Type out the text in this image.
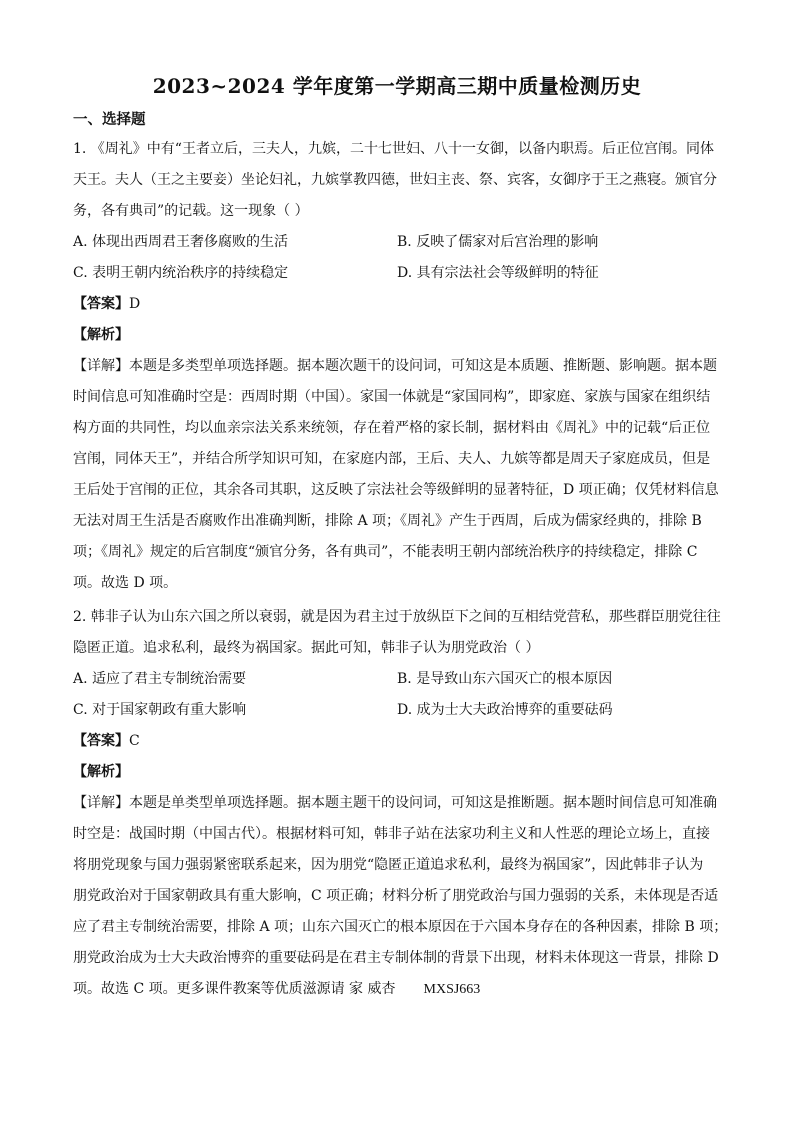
2023~2024 学年度第一学期高三期中质量检测历史
一、选择题
1. 《周礼》中有“王者立后，三夫人，九嫔，二十七世妇、八十一女御，以备内职焉。后正位宫闱。同体
天王。夫人（王之主要妾）坐论妇礼，九嫔掌教四德，世妇主丧、祭、宾客，女御序于王之燕寝。颁官分
务，各有典司”的记载。这一现象（ ）
A. 体现出西周君王奢侈腐败的生活	B. 反映了儒家对后宫治理的影响
C. 表明王朝内统治秩序的持续稳定	D. 具有宗法社会等级鲜明的特征
【答案】D
【解析】
【详解】本题是多类型单项选择题。据本题次题干的设问词，可知这是本质题、推断题、影响题。据本题
时间信息可知准确时空是：西周时期（中国）。家国一体就是“家国同构”，即家庭、家族与国家在组织结
构方面的共同性，均以血亲宗法关系来统领，存在着严格的家长制，据材料由《周礼》中的记载“后正位
宫闱，同体天王”，并结合所学知识可知，在家庭内部，王后、夫人、九嫔等都是周天子家庭成员，但是
王后处于宫闱的正位，其余各司其职，这反映了宗法社会等级鲜明的显著特征，D 项正确；仅凭材料信息
无法对周王生活是否腐败作出准确判断，排除 A 项；《周礼》产生于西周，后成为儒家经典的，排除 B
项；《周礼》规定的后宫制度“颁官分务，各有典司”，不能表明王朝内部统治秩序的持续稳定，排除 C
项。故选 D 项。
2. 韩非子认为山东六国之所以衰弱，就是因为君主过于放纵臣下之间的互相结党营私，那些群臣朋党往往
隐匿正道。追求私利，最终为祸国家。据此可知，韩非子认为朋党政治（ ）
A. 适应了君主专制统治需要	B. 是导致山东六国灭亡的根本原因
C. 对于国家朝政有重大影响	D. 成为士大夫政治博弈的重要砝码
【答案】C
【解析】
【详解】本题是单类型单项选择题。据本题主题干的设问词，可知这是推断题。据本题时间信息可知准确
时空是：战国时期（中国古代）。根据材料可知，韩非子站在法家功利主义和人性恶的理论立场上，直接
将朋党现象与国力强弱紧密联系起来，因为朋党“隐匿正道追求私利，最终为祸国家”，因此韩非子认为
朋党政治对于国家朝政具有重大影响，C 项正确；材料分析了朋党政治与国力强弱的关系，未体现是否适
应了君主专制统治需要，排除 A 项；山东六国灭亡的根本原因在于六国本身存在的各种因素，排除 B 项；
朋党政治成为士大夫政治博弈的重要砝码是在君主专制体制的背景下出现，材料未体现这一背景，排除 D
项。故选 C 项。更多课件教案等优质滋源请 家 威杏 MXSJ663
